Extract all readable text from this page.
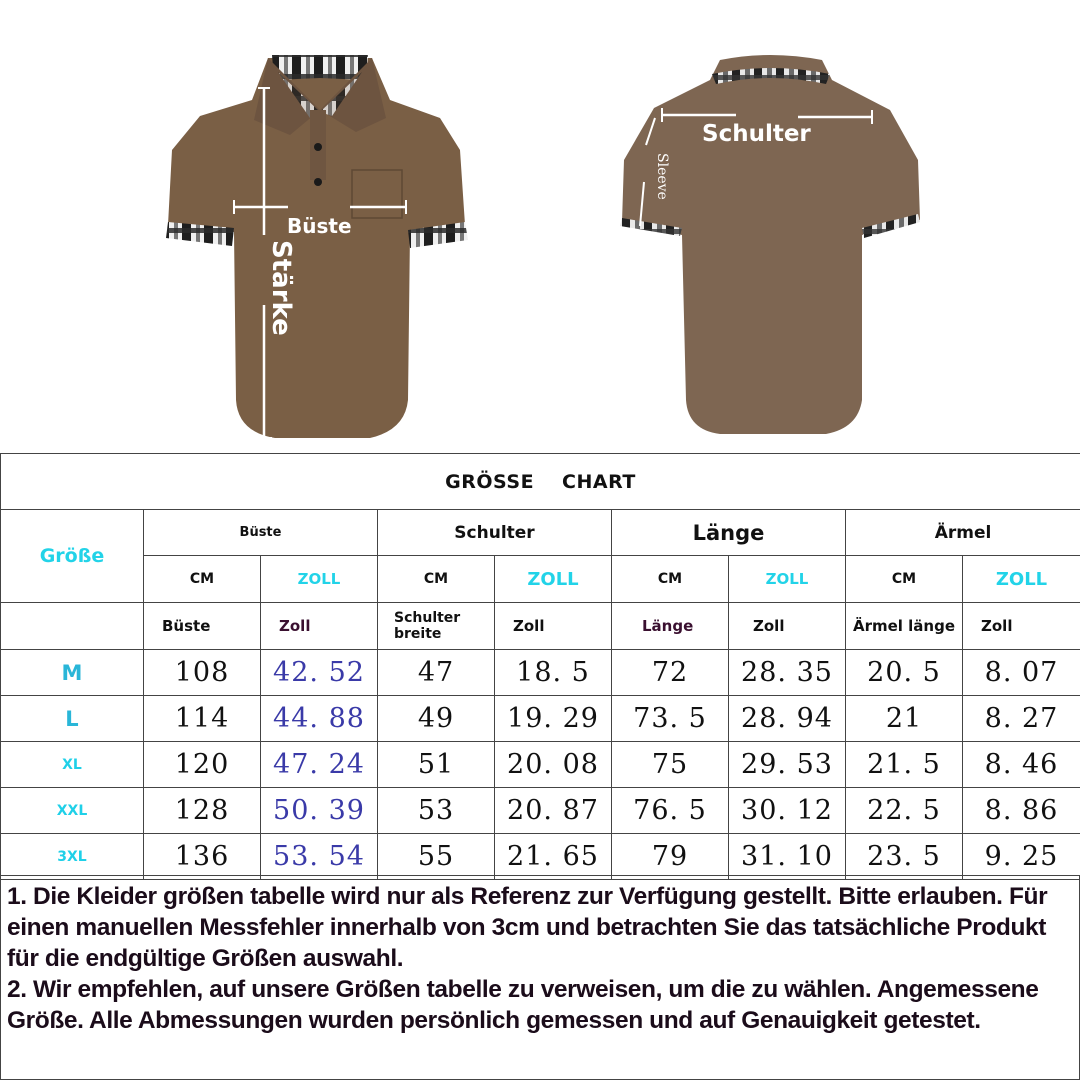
Büste
Stärke
Schulter
Sleeve
GRÖSSE CHART								
Größe	Büste		Schulter		Länge		Ärmel	
	CM	ZOLL	CM	ZOLL	CM	ZOLL	CM	ZOLL
	Büste	Zoll	Schulter breite	Zoll	Länge	Zoll	Ärmel länge	Zoll
M	108	42. 52	47	18. 5	72	28. 35	20. 5	8. 07
L	114	44. 88	49	19. 29	73. 5	28. 94	21	8. 27
XL	120	47. 24	51	20. 08	75	29. 53	21. 5	8. 46
XXL	128	50. 39	53	20. 87	76. 5	30. 12	22. 5	8. 86
3XL	136	53. 54	55	21. 65	79	31. 10	23. 5	9. 25

1. Die Kleider größen tabelle wird nur als Referenz zur Verfügung gestellt. Bitte erlauben. Für einen manuellen Messfehler innerhalb von 3cm und betrachten Sie das tatsächliche Produkt für die endgültige Größen auswahl.

2. Wir empfehlen, auf unsere Größen tabelle zu verweisen, um die zu wählen. Angemessene Größe. Alle Abmessungen wurden persönlich gemessen und auf Genauigkeit getestet.
